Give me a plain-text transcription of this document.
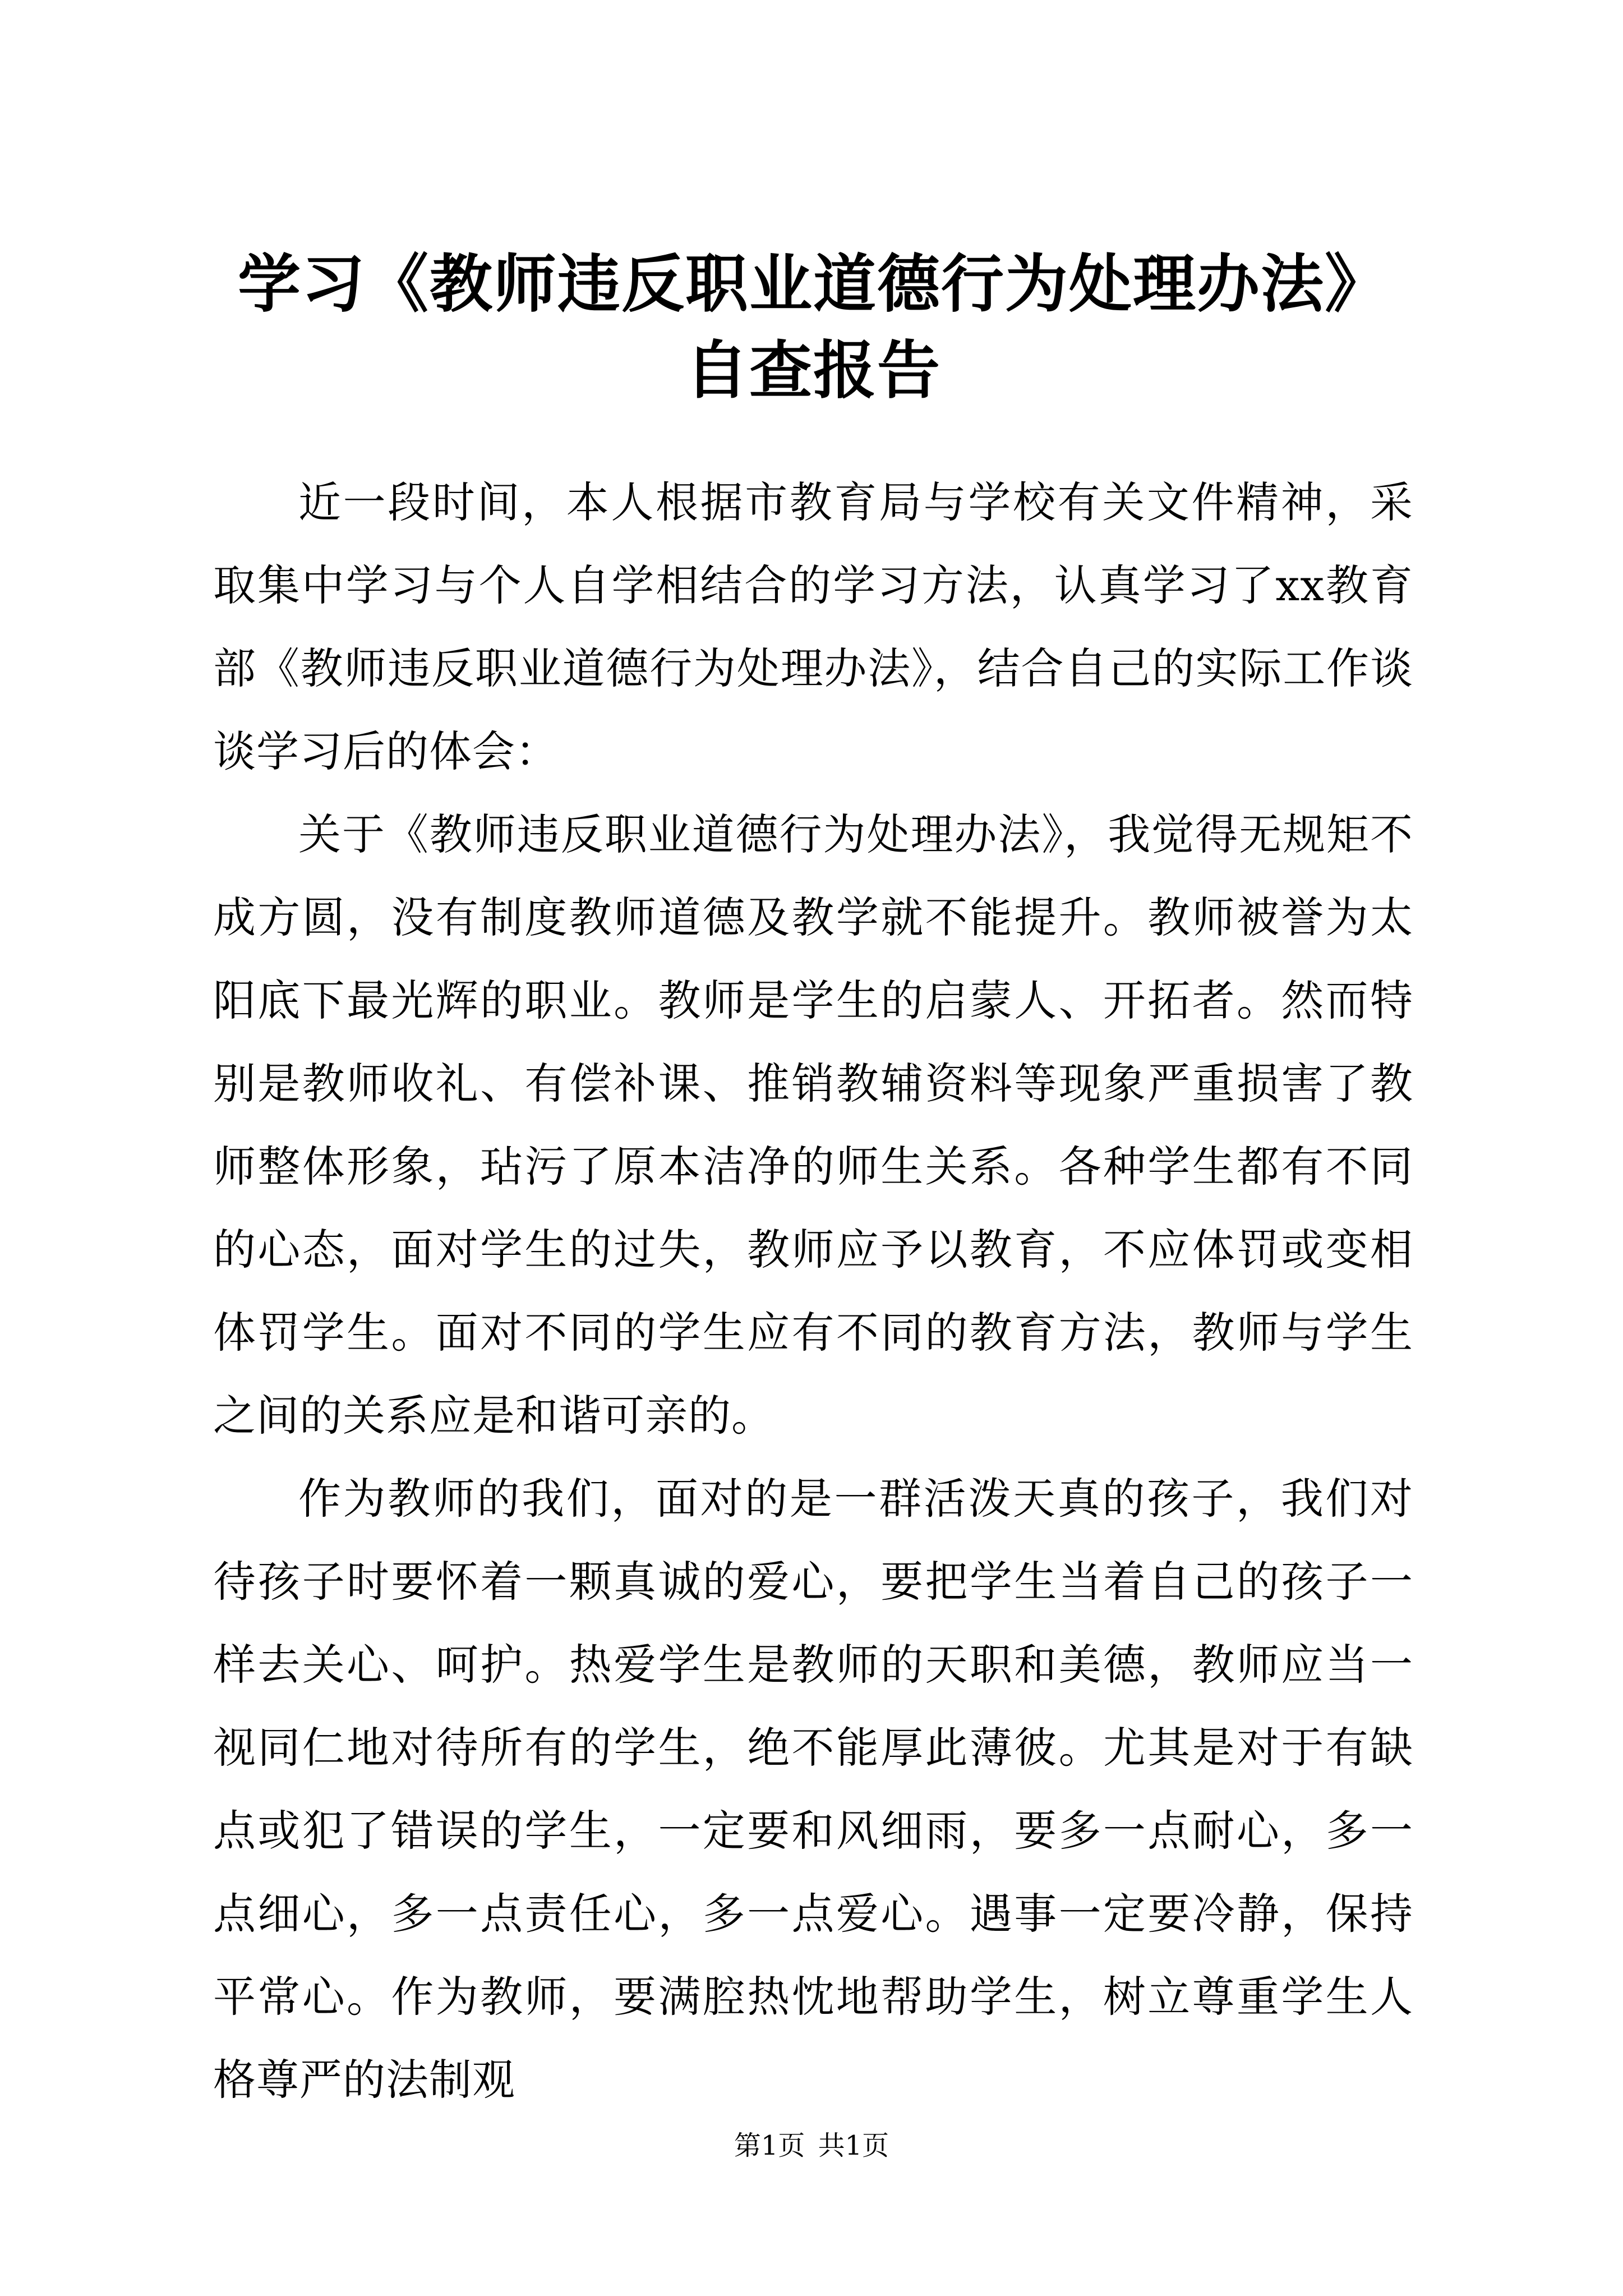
学习《教师违反职业道德行为处理办法》自查报告

近一段时间，本人根据市教育局与学校有关文件精神，采取集中学习与个人自学相结合的学习方法，认真学习了xx教育部《教师违反职业道德行为处理办法》，结合自己的实际工作谈谈学习后的体会：

关于《教师违反职业道德行为处理办法》，我觉得无规矩不成方圆，没有制度教师道德及教学就不能提升。教师被誉为太阳底下最光辉的职业。教师是学生的启蒙人、开拓者。然而特别是教师收礼、有偿补课、推销教辅资料等现象严重损害了教师整体形象，玷污了原本洁净的师生关系。各种学生都有不同的心态，面对学生的过失，教师应予以教育，不应体罚或变相体罚学生。面对不同的学生应有不同的教育方法，教师与学生之间的关系应是和谐可亲的。

作为教师的我们，面对的是一群活泼天真的孩子，我们对待孩子时要怀着一颗真诚的爱心，要把学生当着自己的孩子一样去关心、呵护。热爱学生是教师的天职和美德，教师应当一视同仁地对待所有的学生，绝不能厚此薄彼。尤其是对于有缺点或犯了错误的学生，一定要和风细雨，要多一点耐心，多一点细心，多一点责任心，多一点爱心。遇事一定要冷静，保持平常心。作为教师，要满腔热忱地帮助学生，树立尊重学生人格尊严的法制观

第1页 共1页
